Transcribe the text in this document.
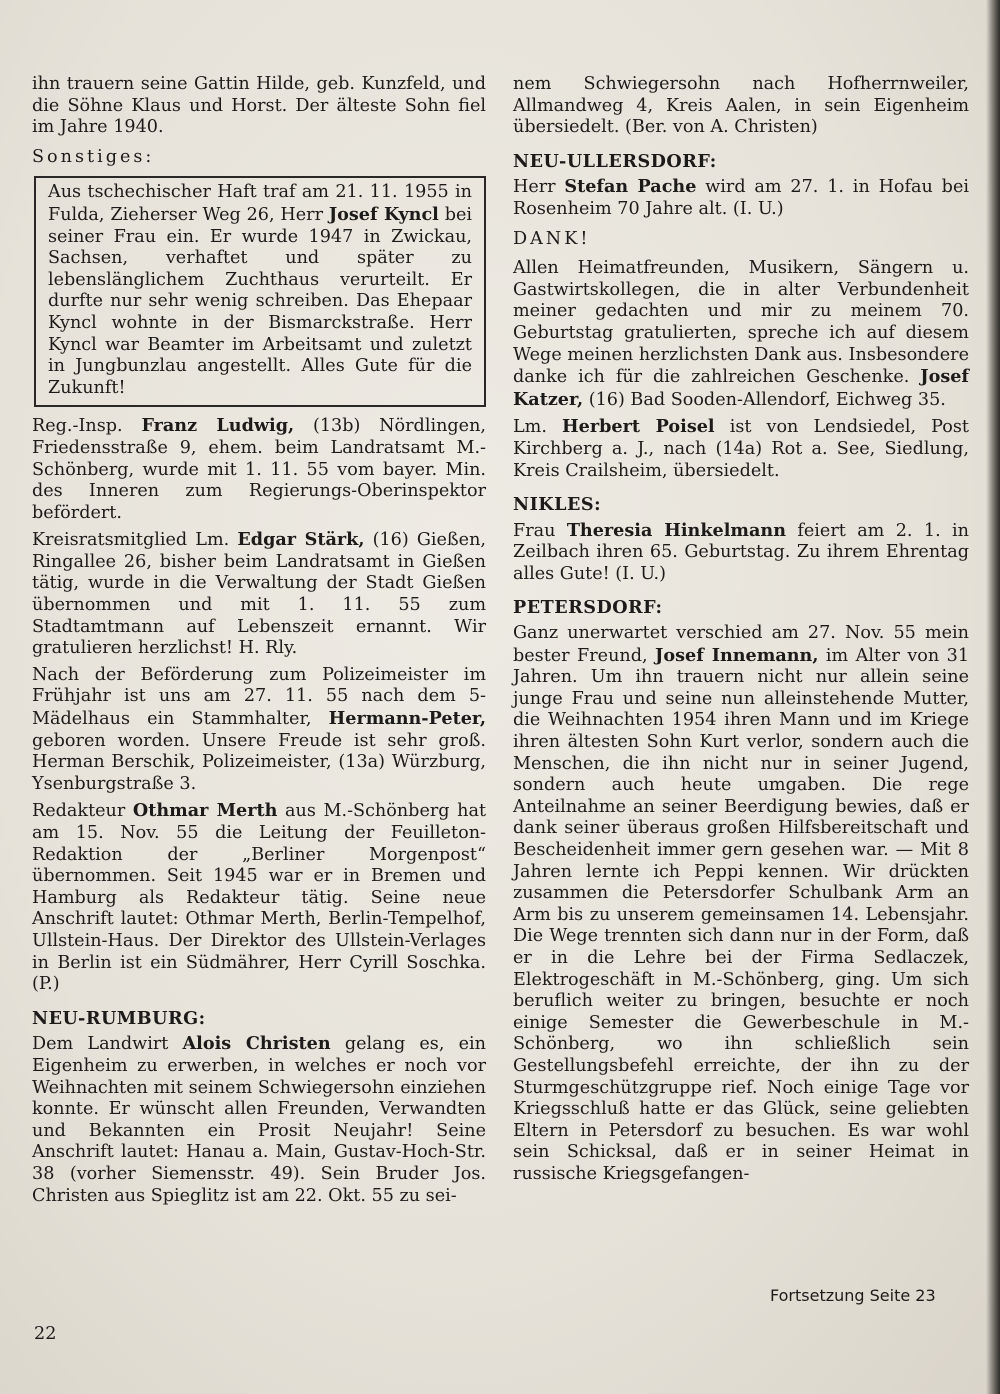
ihn trauern seine Gattin Hilde, geb. Kunzfeld, und die Söhne Klaus und Horst. Der älteste Sohn fiel im Jahre 1940.

Sonstiges:

Aus tschechischer Haft traf am 21. 11. 1955 in Fulda, Zieherser Weg 26, Herr Josef Kyncl bei seiner Frau ein. Er wurde 1947 in Zwickau, Sachsen, verhaftet und später zu lebenslänglichem Zuchthaus verurteilt. Er durfte nur sehr wenig schreiben. Das Ehepaar Kyncl wohnte in der Bismarckstraße. Herr Kyncl war Beamter im Arbeitsamt und zuletzt in Jungbunzlau angestellt. Alles Gute für die Zukunft!

Reg.-Insp. Franz Ludwig, (13b) Nördlingen, Friedensstraße 9, ehem. beim Landratsamt M.-Schönberg, wurde mit 1. 11. 55 vom bayer. Min. des Inneren zum Regierungs-Oberinspektor befördert.

Kreisratsmitglied Lm. Edgar Stärk, (16) Gießen, Ringallee 26, bisher beim Landratsamt in Gießen tätig, wurde in die Verwaltung der Stadt Gießen übernommen und mit 1. 11. 55 zum Stadtamtmann auf Lebenszeit ernannt. Wir gratulieren herzlichst! H. Rly.

Nach der Beförderung zum Polizeimeister im Frühjahr ist uns am 27. 11. 55 nach dem 5-Mädelhaus ein Stammhalter, Hermann-Peter, geboren worden. Unsere Freude ist sehr groß. Herman Berschik, Polizeimeister, (13a) Würzburg, Ysenburgstraße 3.

Redakteur Othmar Merth aus M.-Schönberg hat am 15. Nov. 55 die Leitung der Feuilleton-Redaktion der „Berliner Morgenpost“ übernommen. Seit 1945 war er in Bremen und Hamburg als Redakteur tätig. Seine neue Anschrift lautet: Othmar Merth, Berlin-Tempelhof, Ullstein-Haus. Der Direktor des Ullstein-Verlages in Berlin ist ein Südmährer, Herr Cyrill Soschka. (P.)

NEU-RUMBURG:

Dem Landwirt Alois Christen gelang es, ein Eigenheim zu erwerben, in welches er noch vor Weihnachten mit seinem Schwiegersohn einziehen konnte. Er wünscht allen Freunden, Verwandten und Bekannten ein Prosit Neujahr! Seine Anschrift lautet: Hanau a. Main, Gustav-Hoch-Str. 38 (vorher Siemensstr. 49). Sein Bruder Jos. Christen aus Spieglitz ist am 22. Okt. 55 zu sei-

nem Schwiegersohn nach Hofherrnweiler, Allmandweg 4, Kreis Aalen, in sein Eigenheim übersiedelt. (Ber. von A. Christen)

NEU-ULLERSDORF:

Herr Stefan Pache wird am 27. 1. in Hofau bei Rosenheim 70 Jahre alt. (I. U.)

DANK!

Allen Heimatfreunden, Musikern, Sängern u. Gastwirtskollegen, die in alter Verbundenheit meiner gedachten und mir zu meinem 70. Geburtstag gratulierten, spreche ich auf diesem Wege meinen herzlichsten Dank aus. Insbesondere danke ich für die zahlreichen Geschenke. Josef Katzer, (16) Bad Sooden-Allendorf, Eichweg 35.

Lm. Herbert Poisel ist von Lendsiedel, Post Kirchberg a. J., nach (14a) Rot a. See, Siedlung, Kreis Crailsheim, übersiedelt.

NIKLES:

Frau Theresia Hinkelmann feiert am 2. 1. in Zeilbach ihren 65. Geburtstag. Zu ihrem Ehrentag alles Gute! (I. U.)

PETERSDORF:

Ganz unerwartet verschied am 27. Nov. 55 mein bester Freund, Josef Innemann, im Alter von 31 Jahren. Um ihn trauern nicht nur allein seine junge Frau und seine nun alleinstehende Mutter, die Weihnachten 1954 ihren Mann und im Kriege ihren ältesten Sohn Kurt verlor, sondern auch die Menschen, die ihn nicht nur in seiner Jugend, sondern auch heute umgaben. Die rege Anteilnahme an seiner Beerdigung bewies, daß er dank seiner überaus großen Hilfsbereitschaft und Bescheidenheit immer gern gesehen war. — Mit 8 Jahren lernte ich Peppi kennen. Wir drückten zusammen die Petersdorfer Schulbank Arm an Arm bis zu unserem gemeinsamen 14. Lebensjahr. Die Wege trennten sich dann nur in der Form, daß er in die Lehre bei der Firma Sedlaczek, Elektrogeschäft in M.-Schönberg, ging. Um sich beruflich weiter zu bringen, besuchte er noch einige Semester die Gewerbeschule in M.-Schönberg, wo ihn schließlich sein Gestellungsbefehl erreichte, der ihn zu der Sturmgeschützgruppe rief. Noch einige Tage vor Kriegsschluß hatte er das Glück, seine geliebten Eltern in Petersdorf zu besuchen. Es war wohl sein Schicksal, daß er in seiner Heimat in russische Kriegsgefangen-

Fortsetzung Seite 23
22
